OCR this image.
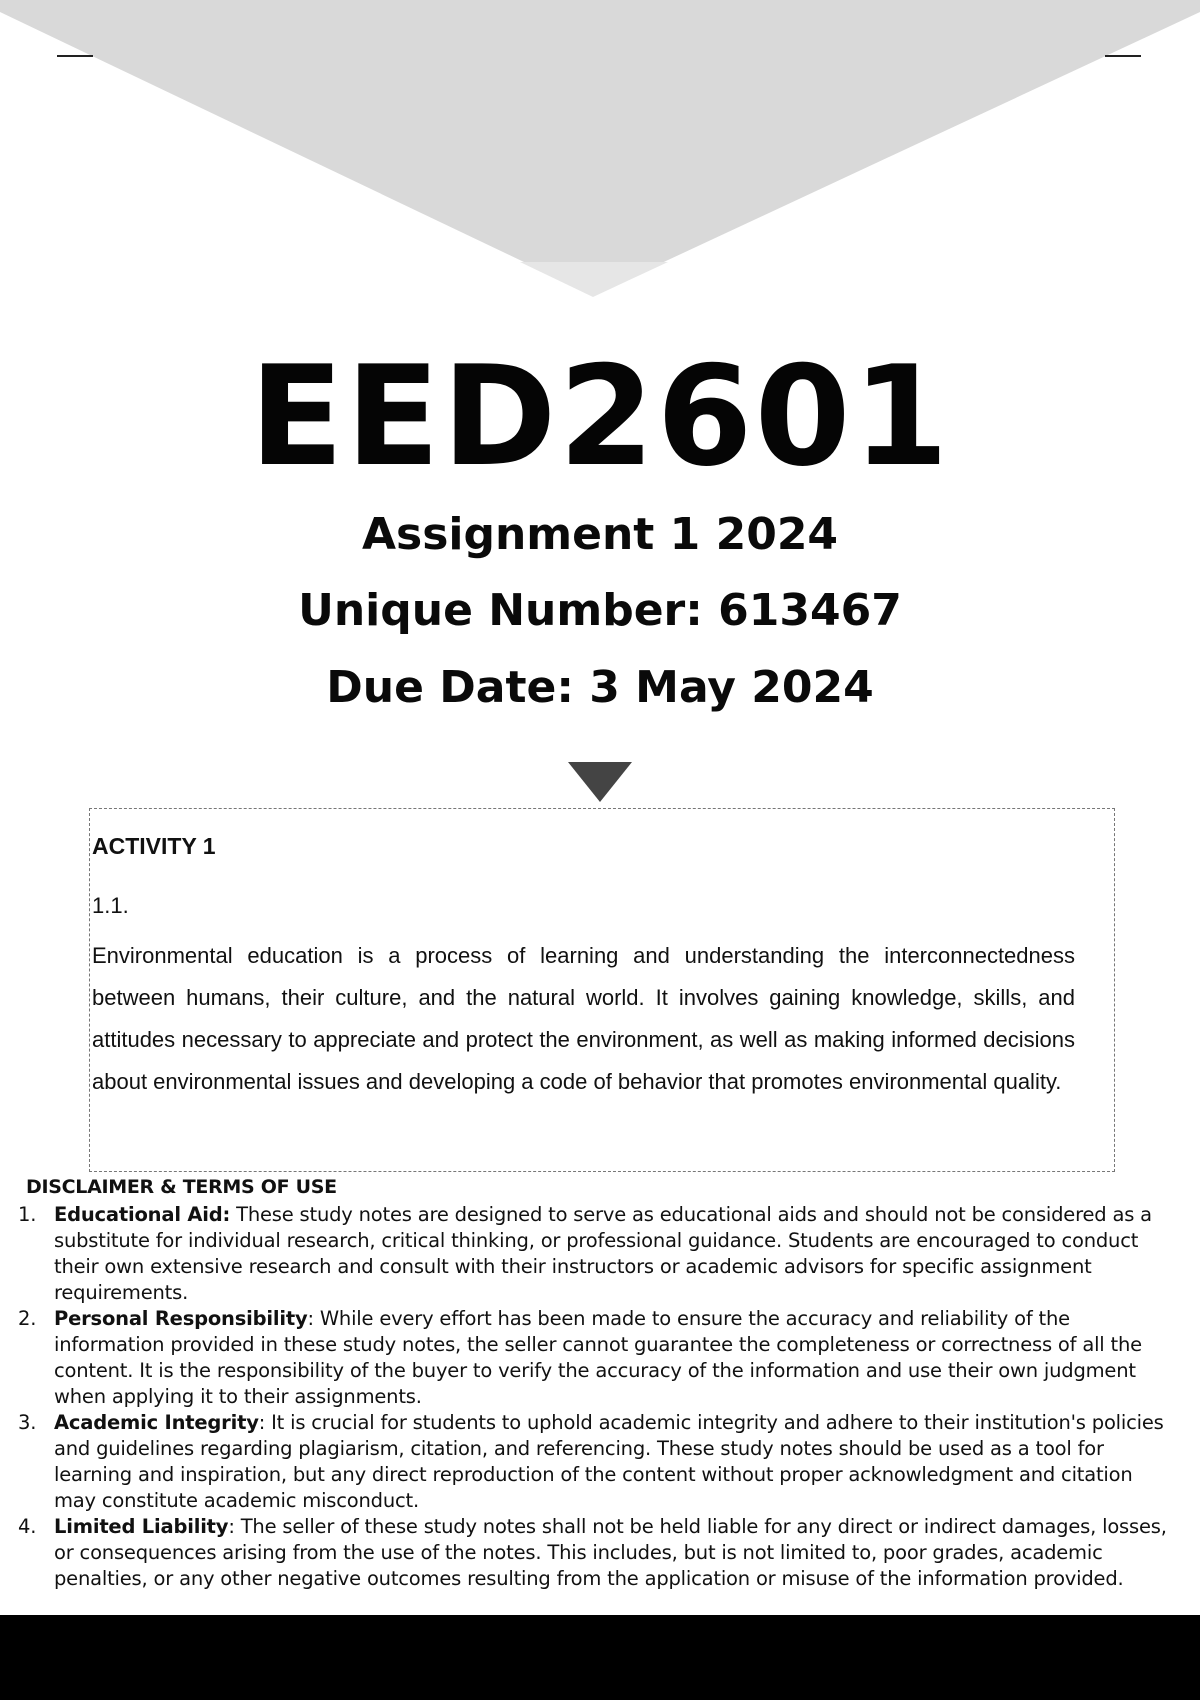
EED2601
Assignment 1 2024
Unique Number: 613467
Due Date: 3 May 2024
ACTIVITY 1
1.1.

Environmental education is a process of learning and understanding the interconnectedness between humans, their culture, and the natural world. It involves gaining knowledge, skills, and attitudes necessary to appreciate and protect the environment, as well as making informed decisions about environmental issues and developing a code of behavior that promotes environmental quality.

DISCLAIMER & TERMS OF USE
1. Educational Aid: These study notes are designed to serve as educational aids and should not be considered as a substitute for individual research, critical thinking, or professional guidance. Students are encouraged to conduct their own extensive research and consult with their instructors or academic advisors for specific assignment requirements.
2. Personal Responsibility: While every effort has been made to ensure the accuracy and reliability of the information provided in these study notes, the seller cannot guarantee the completeness or correctness of all the content. It is the responsibility of the buyer to verify the accuracy of the information and use their own judgment when applying it to their assignments.
3. Academic Integrity: It is crucial for students to uphold academic integrity and adhere to their institution's policies and guidelines regarding plagiarism, citation, and referencing. These study notes should be used as a tool for learning and inspiration, but any direct reproduction of the content without proper acknowledgment and citation may constitute academic misconduct.
4. Limited Liability: The seller of these study notes shall not be held liable for any direct or indirect damages, losses, or consequences arising from the use of the notes. This includes, but is not limited to, poor grades, academic penalties, or any other negative outcomes resulting from the application or misuse of the information provided.
